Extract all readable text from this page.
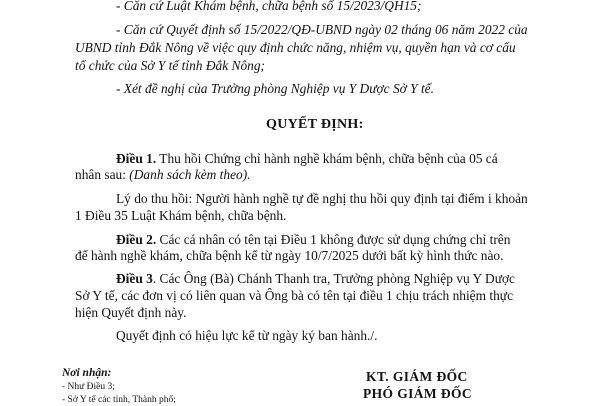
- Căn cứ Luật Khám bệnh, chữa bệnh số 15/2023/QH15;
- Căn cứ Quyết định số 15/2022/QĐ-UBND ngày 02 tháng 06 năm 2022 của
UBND tỉnh Đắk Nông về việc quy định chức năng, nhiệm vụ, quyền hạn và cơ cấu
tổ chức của Sở Y tế tỉnh Đắk Nông;
- Xét đề nghị của Trưởng phòng Nghiệp vụ Y Dược Sở Y tế.
QUYẾT ĐỊNH:
Điều 1. Thu hồi Chứng chỉ hành nghề khám bệnh, chữa bệnh của 05 cá
nhân sau: (Danh sách kèm theo).
Lý do thu hồi: Người hành nghề tự đề nghị thu hồi quy định tại điểm i khoản
1 Điều 35 Luật Khám bệnh, chữa bệnh.
Điều 2. Các cá nhân có tên tại Điều 1 không được sử dụng chứng chỉ trên
để hành nghề khám, chữa bệnh kể từ ngày 10/7/2025 dưới bất kỳ hình thức nào.
Điều 3. Các Ông (Bà) Chánh Thanh tra, Trưởng phòng Nghiệp vụ Y Dược
Sở Y tế, các đơn vị có liên quan và Ông bà có tên tại điều 1 chịu trách nhiệm thực
hiện Quyết định này.
Quyết định có hiệu lực kể từ ngày ký ban hành./.
Nơi nhận:
- Như Điều 3;
- Sở Y tế các tỉnh, Thành phố;
KT. GIÁM ĐỐC
PHÓ GIÁM ĐỐC
